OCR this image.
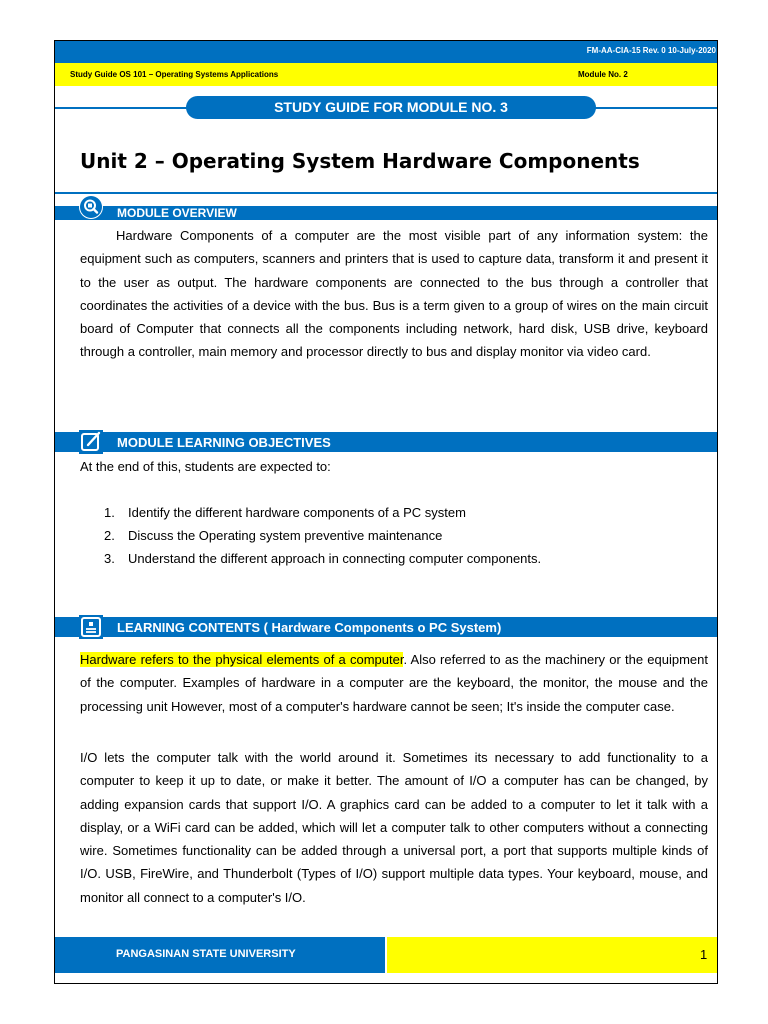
FM-AA-CIA-15 Rev. 0 10-July-2020
Study Guide OS 101 – Operating Systems Applications	Module No. 2
STUDY GUIDE FOR MODULE NO. 3
Unit 2 – Operating System Hardware Components
MODULE OVERVIEW
Hardware Components of a computer are the most visible part of any information system: the equipment such as computers, scanners and printers that is used to capture data, transform it and present it to the user as output. The hardware components are connected to the bus through a controller that coordinates the activities of a device with the bus. Bus is a term given to a group of wires on the main circuit board of Computer that connects all the components including network, hard disk, USB drive, keyboard through a controller, main memory and processor directly to bus and display monitor via video card.
MODULE LEARNING OBJECTIVES
At the end of this, students are expected to:
1. Identify the different hardware components of a PC system
2. Discuss the Operating system preventive maintenance
3. Understand the different approach in connecting computer components.
LEARNING CONTENTS ( Hardware Components o PC System)
Hardware refers to the physical elements of a computer. Also referred to as the machinery or the equipment of the computer. Examples of hardware in a computer are the keyboard, the monitor, the mouse and the processing unit However, most of a computer's hardware cannot be seen; It's inside the computer case.
I/O lets the computer talk with the world around it. Sometimes its necessary to add functionality to a computer to keep it up to date, or make it better. The amount of I/O a computer has can be changed, by adding expansion cards that support I/O. A graphics card can be added to a computer to let it talk with a display, or a WiFi card can be added, which will let a computer talk to other computers without a connecting wire. Sometimes functionality can be added through a universal port, a port that supports multiple kinds of I/O. USB, FireWire, and Thunderbolt (Types of I/O) support multiple data types. Your keyboard, mouse, and monitor all connect to a computer's I/O.
PANGASINAN STATE UNIVERSITY	1
